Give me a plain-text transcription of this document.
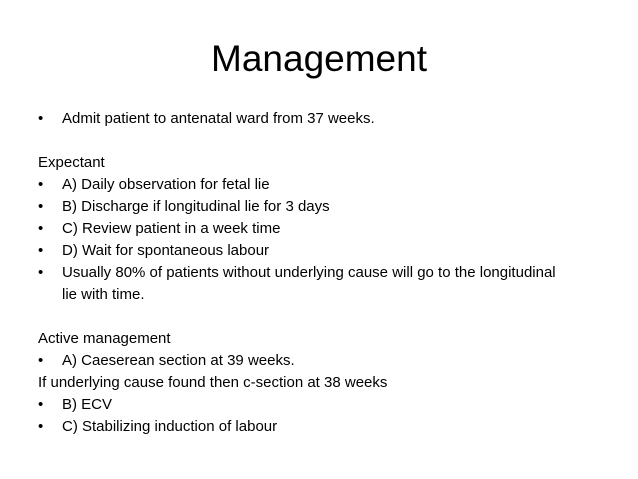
Management
• Admit patient to antenatal ward from 37 weeks.
Expectant
• A) Daily observation for fetal lie
• B) Discharge if longitudinal lie for 3 days
• C) Review patient in a week time
• D) Wait for spontaneous labour
• Usually 80% of patients without underlying cause will go to the longitudinal lie with time.
Active management
• A) Caeserean section at 39 weeks.
If underlying cause found then c-section at 38 weeks
• B) ECV
• C) Stabilizing induction of labour
